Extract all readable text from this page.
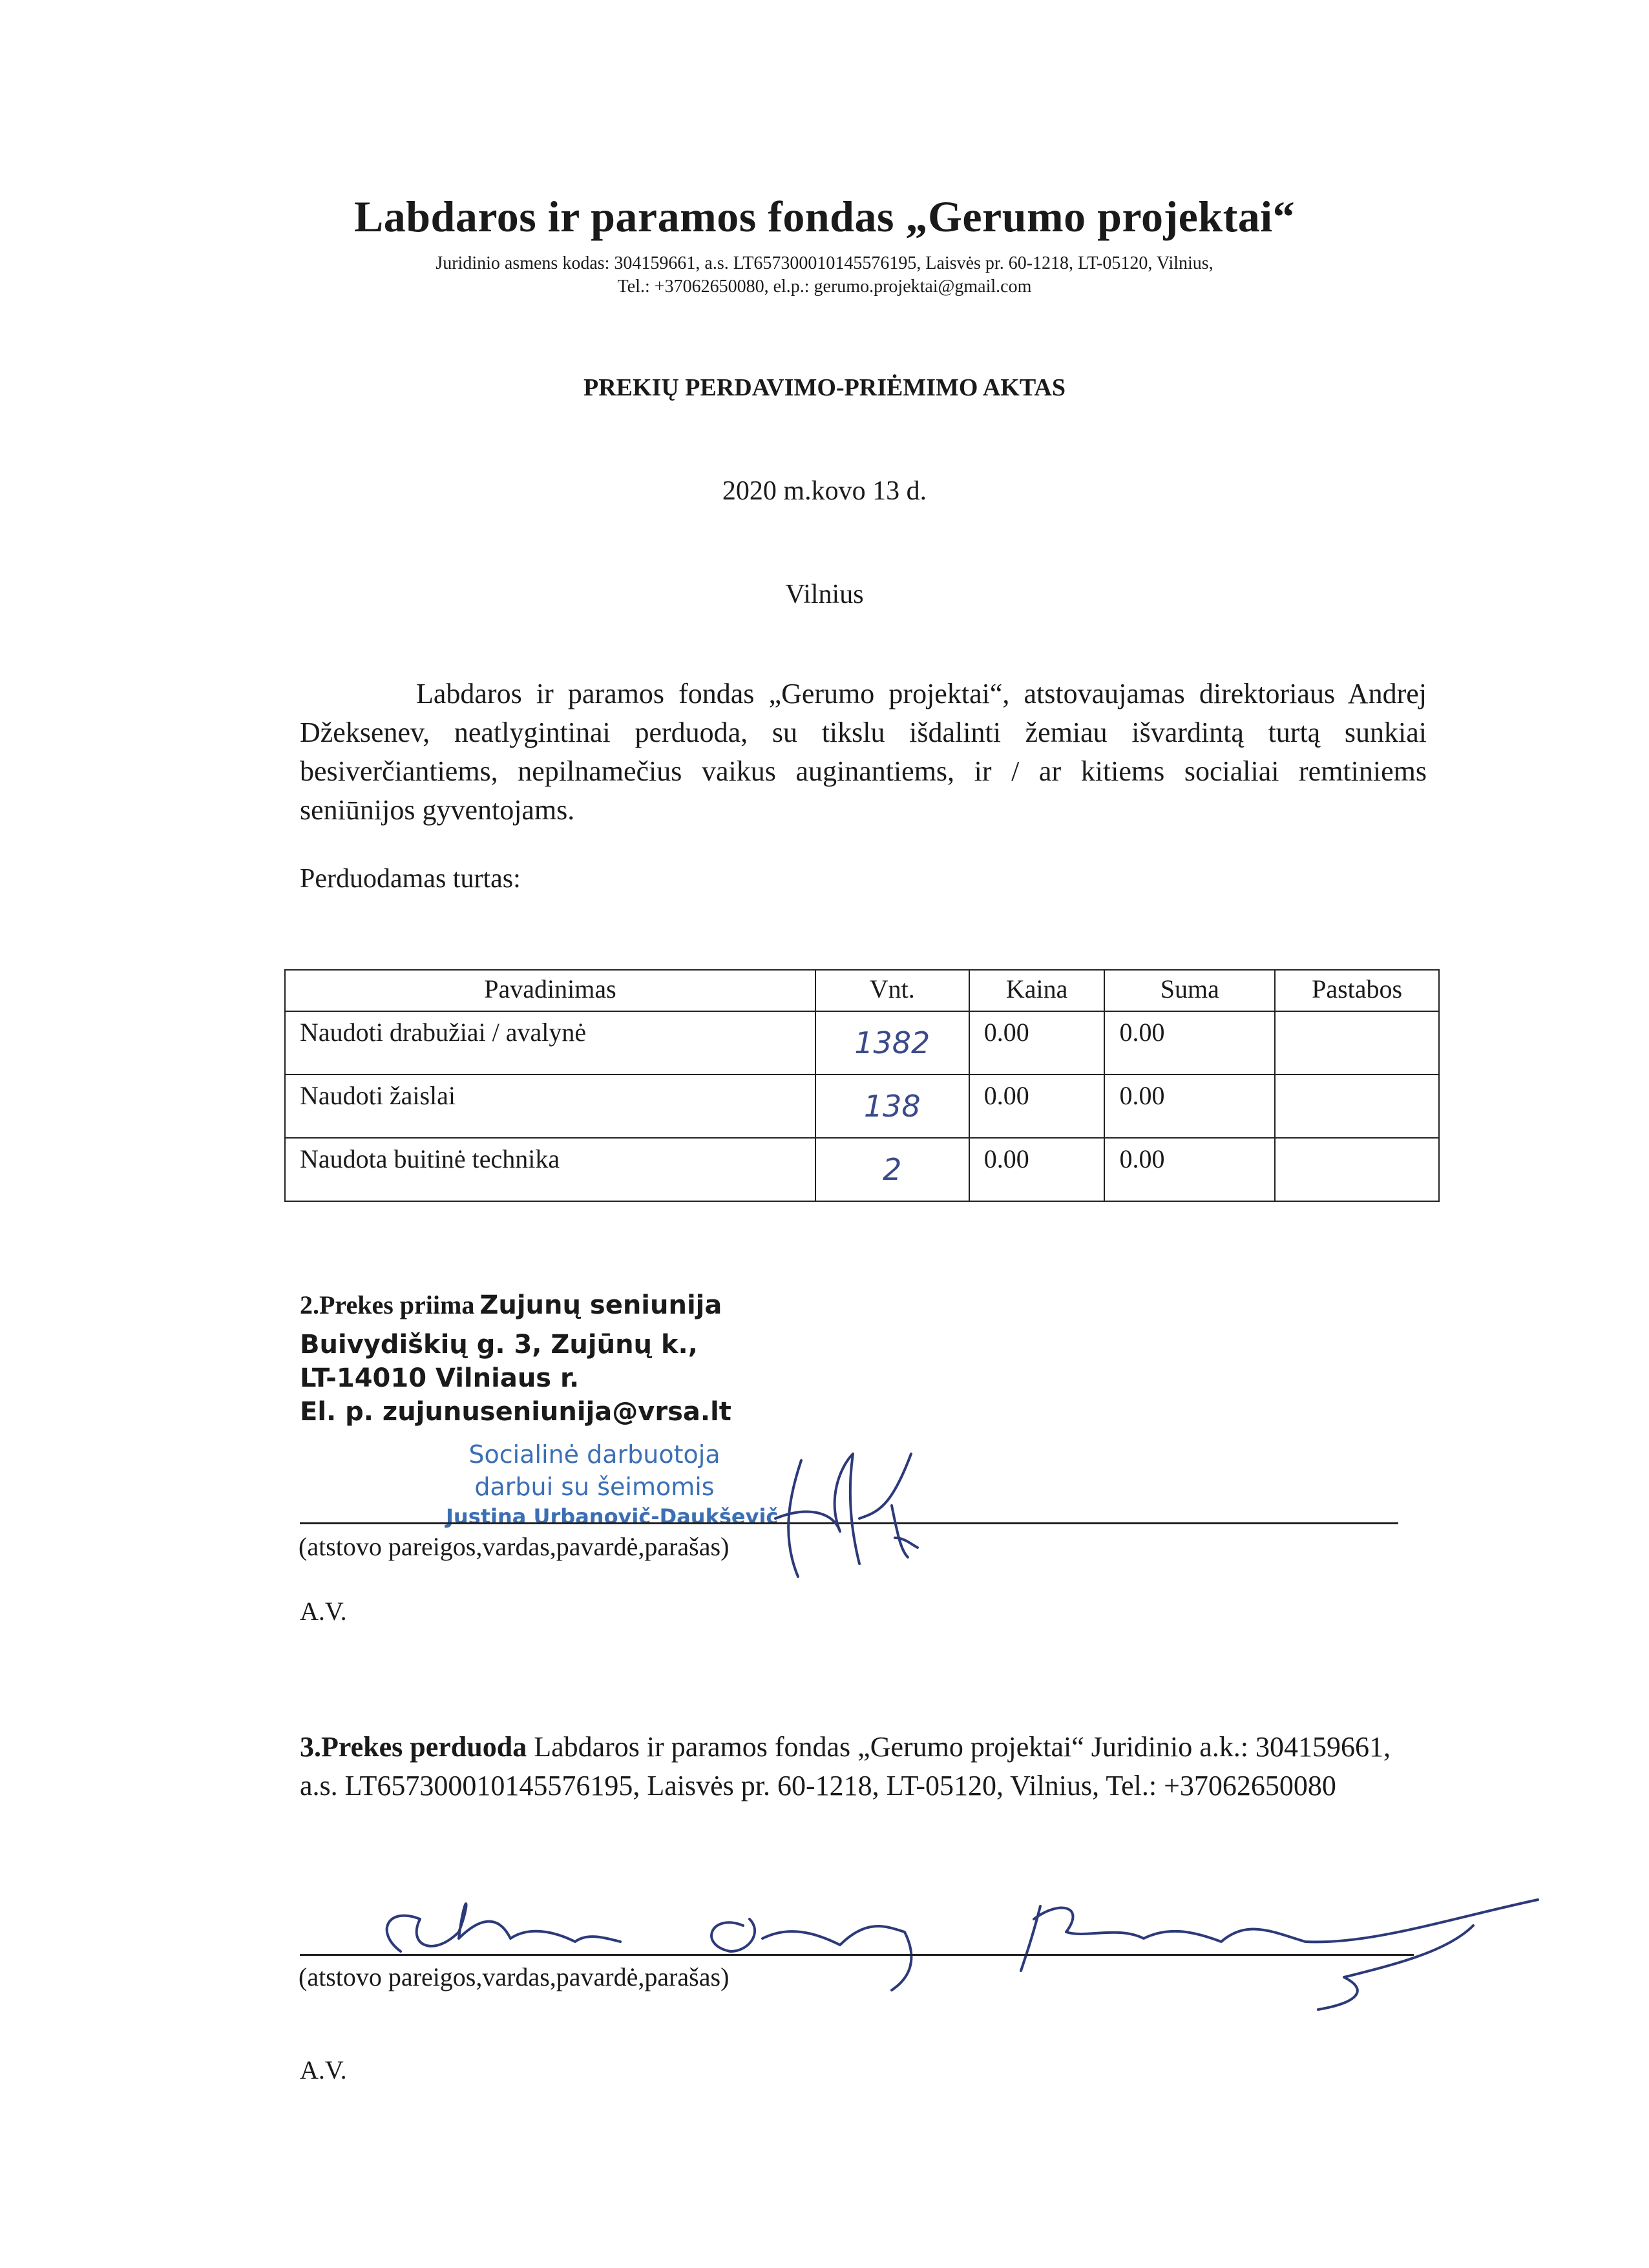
Labdaros ir paramos fondas „Gerumo projektai“
Juridinio asmens kodas: 304159661, a.s. LT657300010145576195, Laisvės pr. 60-1218, LT-05120, Vilnius,
Tel.: +37062650080, el.p.: gerumo.projektai@gmail.com
PREKIŲ PERDAVIMO-PRIĖMIMO AKTAS
2020 m.kovo 13 d.
Vilnius
Labdaros ir paramos fondas „Gerumo projektai“, atstovaujamas direktoriaus Andrej Džeksenev, neatlygintinai perduoda, su tikslu išdalinti žemiau išvardintą turtą sunkiai besiverčiantiems, nepilnamečius vaikus auginantiems, ir / ar kitiems socialiai remtiniems seniūnijos gyventojams.
Perduodamas turtas:
Pavadinimas	Vnt.	Kaina	Suma	Pastabos
Naudoti drabužiai / avalynė	1382	0.00	0.00	
Naudoti žaislai	138	0.00	0.00	
Naudota buitinė technika	2	0.00	0.00	
2.Prekes priima Zujunų seniunija
Buivydiškių g. 3, Zujūnų k.,
LT-14010 Vilniaus r.
El. p. zujunuseniunija@vrsa.lt
Socialinė darbuotoja
darbui su šeimomis
Justina Urbanovič-Daukševič
(atstovo pareigos,vardas,pavardė,parašas)
A.V.
3.Prekes perduoda Labdaros ir paramos fondas „Gerumo projektai“ Juridinio a.k.: 304159661, a.s. LT657300010145576195, Laisvės pr. 60-1218, LT-05120, Vilnius, Tel.: +37062650080
(atstovo pareigos,vardas,pavardė,parašas)
A.V.
